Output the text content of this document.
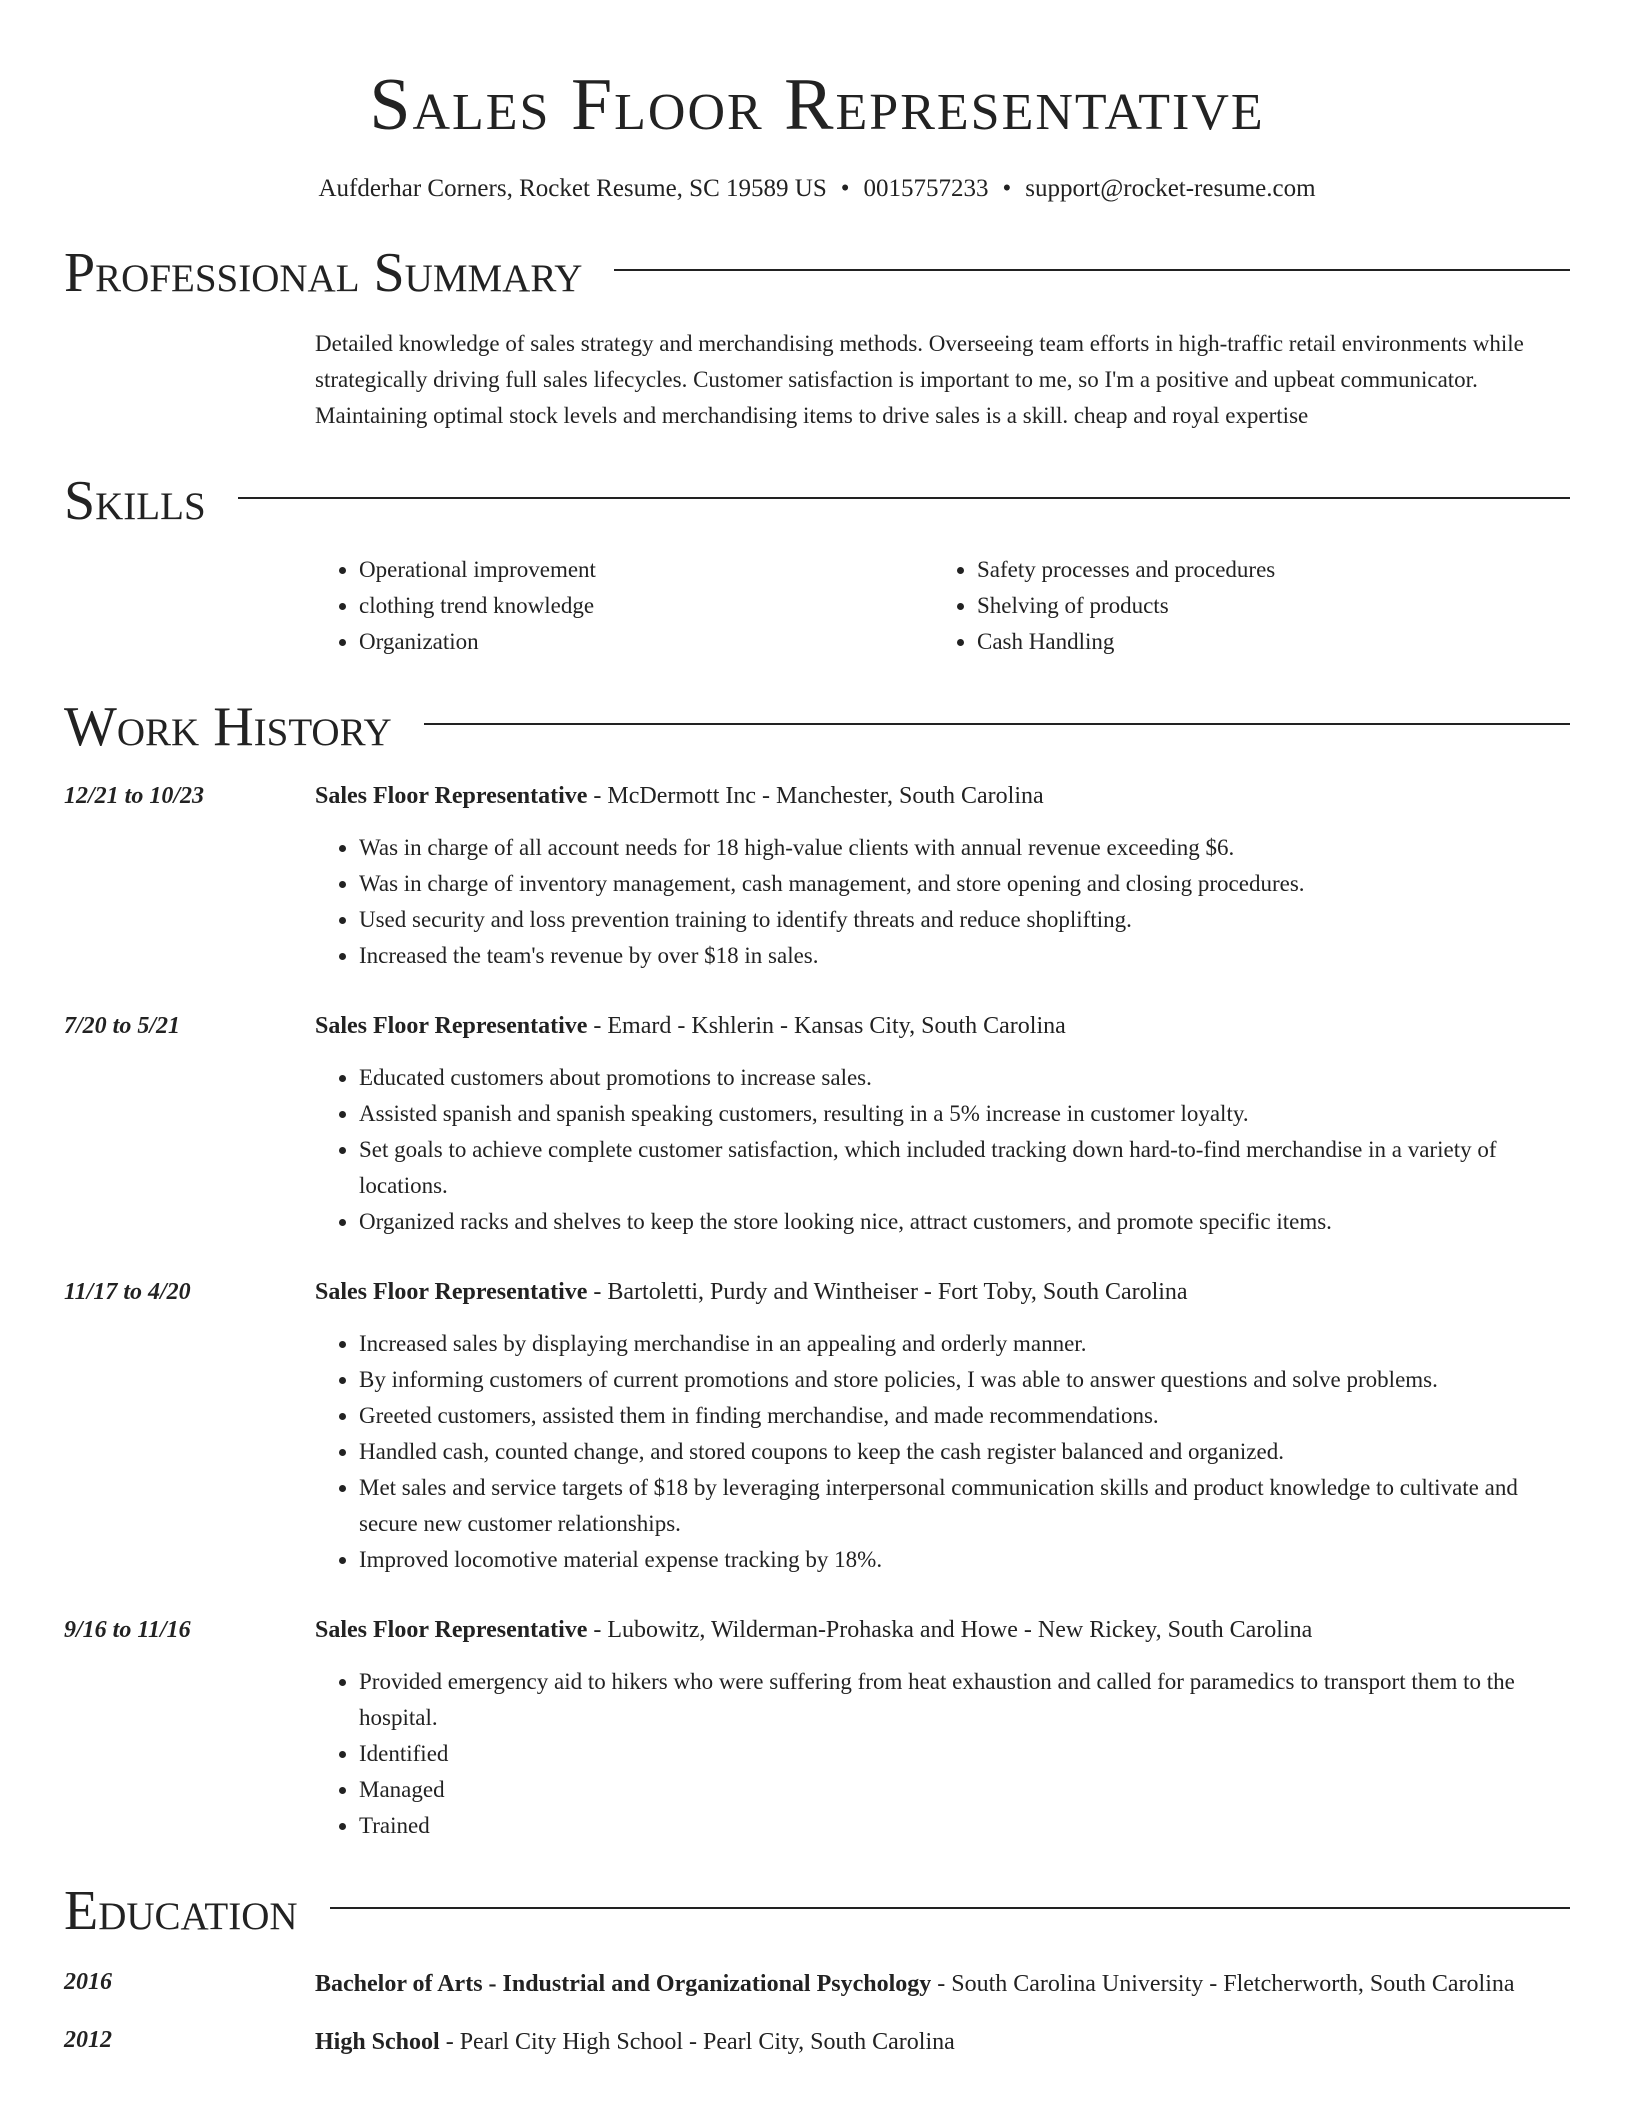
Sales Floor Representative
Aufderhar Corners, Rocket Resume, SC 19589 US • 0015757233 • support@rocket-resume.com
Professional Summary
Detailed knowledge of sales strategy and merchandising methods. Overseeing team efforts in high-traffic retail environments while strategically driving full sales lifecycles. Customer satisfaction is important to me, so I'm a positive and upbeat communicator. Maintaining optimal stock levels and merchandising items to drive sales is a skill. cheap and royal expertise
Skills
• Operational improvement
• clothing trend knowledge
• Organization
• Safety processes and procedures
• Shelving of products
• Cash Handling
Work History
12/21 to 10/23	Sales Floor Representative - McDermott Inc - Manchester, South Carolina
• Was in charge of all account needs for 18 high-value clients with annual revenue exceeding $6.
• Was in charge of inventory management, cash management, and store opening and closing procedures.
• Used security and loss prevention training to identify threats and reduce shoplifting.
• Increased the team's revenue by over $18 in sales.
7/20 to 5/21	Sales Floor Representative - Emard - Kshlerin - Kansas City, South Carolina
• Educated customers about promotions to increase sales.
• Assisted spanish and spanish speaking customers, resulting in a 5% increase in customer loyalty.
• Set goals to achieve complete customer satisfaction, which included tracking down hard-to-find merchandise in a variety of locations.
• Organized racks and shelves to keep the store looking nice, attract customers, and promote specific items.
11/17 to 4/20	Sales Floor Representative - Bartoletti, Purdy and Wintheiser - Fort Toby, South Carolina
• Increased sales by displaying merchandise in an appealing and orderly manner.
• By informing customers of current promotions and store policies, I was able to answer questions and solve problems.
• Greeted customers, assisted them in finding merchandise, and made recommendations.
• Handled cash, counted change, and stored coupons to keep the cash register balanced and organized.
• Met sales and service targets of $18 by leveraging interpersonal communication skills and product knowledge to cultivate and secure new customer relationships.
• Improved locomotive material expense tracking by 18%.
9/16 to 11/16	Sales Floor Representative - Lubowitz, Wilderman-Prohaska and Howe - New Rickey, South Carolina
• Provided emergency aid to hikers who were suffering from heat exhaustion and called for paramedics to transport them to the hospital.
• Identified
• Managed
• Trained
Education
2016	Bachelor of Arts - Industrial and Organizational Psychology - South Carolina University - Fletcherworth, South Carolina
2012	High School - Pearl City High School - Pearl City, South Carolina
